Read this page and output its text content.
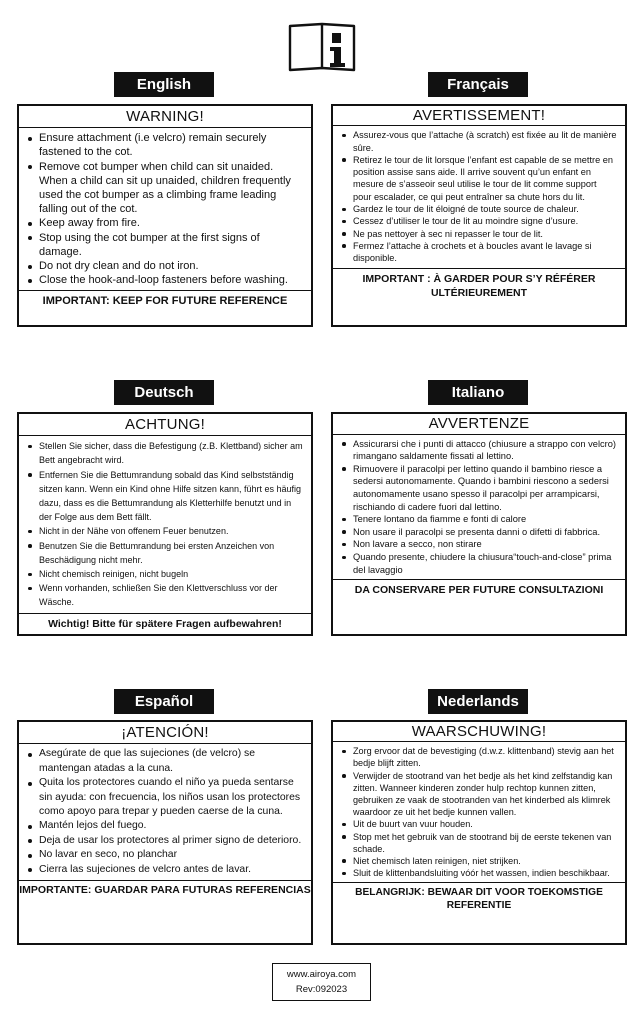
English
WARNING!
Ensure attachment (i.e velcro) remain securely fastened to the cot.
Remove cot bumper when child can sit unaided. When a child can sit up unaided, children frequently used the cot bumper as a climbing frame leading falling out of the cot.
Keep away from fire.
Stop using the cot bumper at the first signs of damage.
Do not dry clean and do not iron.
Close the hook-and-loop fasteners before washing.
IMPORTANT: KEEP FOR FUTURE REFERENCE
Français
AVERTISSEMENT!
Assurez-vous que l’attache (à scratch) est fixée au lit de manière sûre.
Retirez le tour de lit lorsque l’enfant est capable de se mettre en position assise sans aide. Il arrive souvent qu’un enfant en mesure de s’asseoir seul utilise le tour de lit comme support pour escalader, ce qui peut entraîner sa chute hors du lit.
Gardez le tour de lit éloigné de toute source de chaleur.
Cessez d’utiliser le tour de lit au moindre signe d’usure.
Ne pas nettoyer à sec ni repasser le tour de lit.
Fermez l’attache à crochets et à boucles avant le lavage si disponible.
IMPORTANT : À GARDER POUR S’Y RÉFÉRER ULTÉRIEUREMENT
Deutsch
ACHTUNG!
Stellen Sie sicher, dass die Befestigung (z.B. Klettband) sicher am Bett angebracht wird.
Entfernen Sie die Bettumrandung sobald das Kind selbstständig sitzen kann. Wenn ein Kind ohne Hilfe sitzen kann, führt es häufig dazu, dass es die Bettumrandung als Kletterhilfe benutzt und in der Folge aus dem Bett fällt.
Nicht in der Nähe von offenem Feuer benutzen.
Benutzen Sie die Bettumrandung bei ersten Anzeichen von Beschädigung nicht mehr.
Nicht chemisch reinigen, nicht bugeln
Wenn vorhanden, schließen Sie den Klettverschluss vor der Wäsche.
Wichtig! Bitte für spätere Fragen aufbewahren!
Italiano
AVVERTENZE
Assicurarsi che i punti di attacco (chiusure a strappo con velcro) rimangano saldamente fissati al lettino.
Rimuovere il paracolpi per lettino quando il bambino riesce a sedersi autonomamente. Quando i bambini riescono a sedersi autonomamente usano spesso il paracolpi per arrampicarsi, rischiando di cadere fuori dal lettino.
Tenere lontano da fiamme e fonti di calore
Non usare il paracolpi se presenta danni o difetti di fabbrica.
Non lavare a secco, non stirare
Quando presente, chiudere la chiusura“touch-and-close” prima del lavaggio
DA CONSERVARE PER FUTURE CONSULTAZIONI
Español
¡ATENCIÓN!
Asegúrate de que las sujeciones (de velcro) se mantengan atadas a la cuna.
Quita los protectores cuando el niño ya pueda sentarse sin ayuda: con frecuencia, los niños usan los protectores como apoyo para trepar y pueden caerse de la cuna.
Mantén lejos del fuego.
Deja de usar los protectores al primer signo de deterioro.
No lavar en seco, no planchar
Cierra las sujeciones de velcro antes de lavar.
IMPORTANTE: GUARDAR PARA FUTURAS REFERENCIAS
Nederlands
WAARSCHUWING!
Zorg ervoor dat de bevestiging (d.w.z. klittenband) stevig aan het bedje blijft zitten.
Verwijder de stootrand van het bedje als het kind zelfstandig kan zitten. Wanneer kinderen zonder hulp rechtop kunnen zitten, gebruiken ze vaak de stootranden van het kinderbed als klimrek waardoor ze uit het bedje kunnen vallen.
Uit de buurt van vuur houden.
Stop met het gebruik van de stootrand bij de eerste tekenen van schade.
Niet chemisch laten reinigen, niet strijken.
Sluit de klittenbandsluiting vóór het wassen, indien beschikbaar.
BELANGRIJK: BEWAAR DIT VOOR TOEKOMSTIGE REFERENTIE
www.airoya.com
Rev:092023
